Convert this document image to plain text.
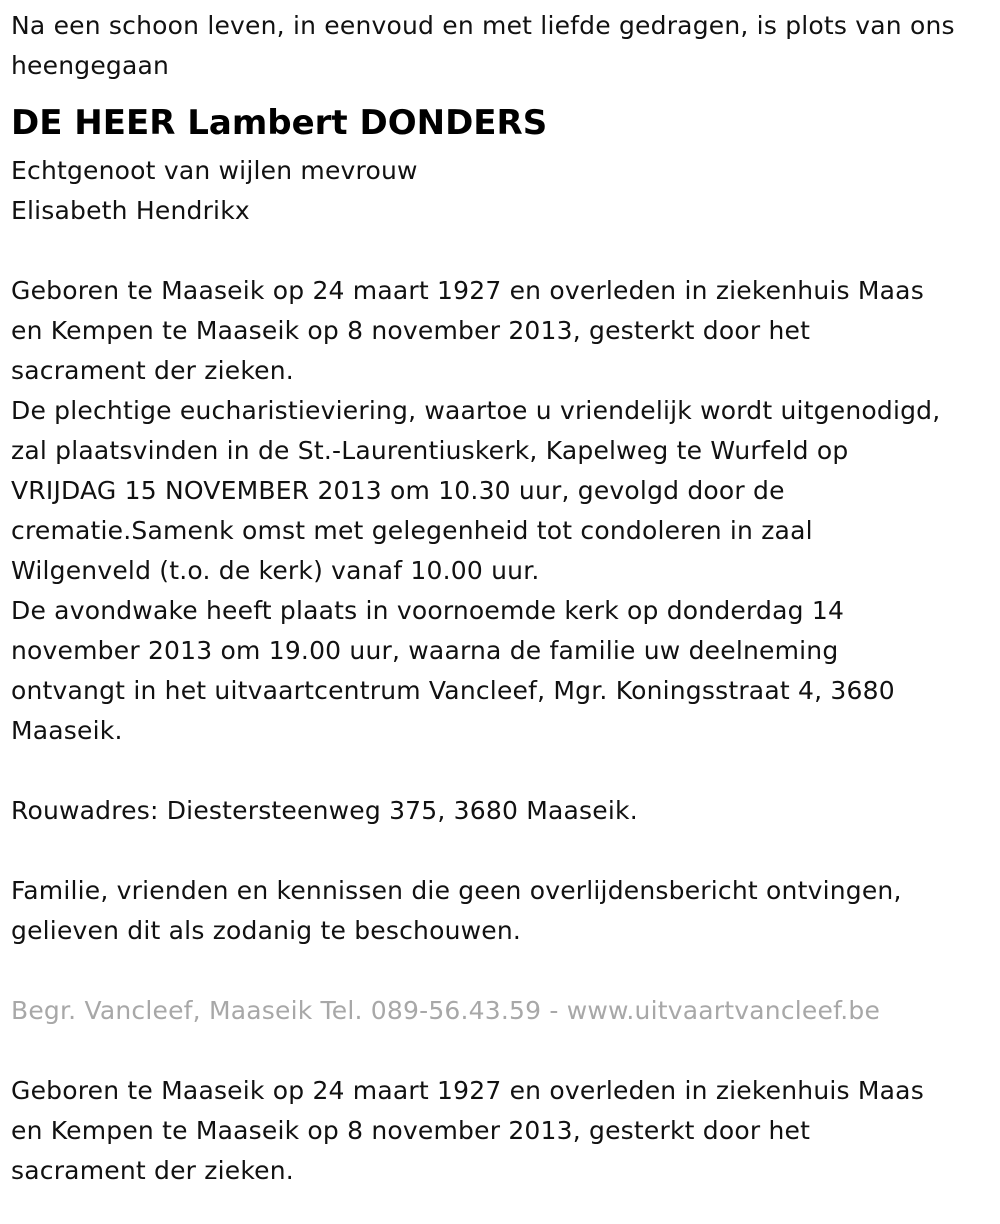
Na een schoon leven, in eenvoud en met liefde gedragen, is plots van ons
heengegaan
DE HEER Lambert DONDERS
Echtgenoot van wijlen mevrouw
Elisabeth Hendrikx
Geboren te Maaseik op 24 maart 1927 en overleden in ziekenhuis Maas
en Kempen te Maaseik op 8 november 2013, gesterkt door het
sacrament der zieken.
De plechtige eucharistieviering, waartoe u vriendelijk wordt uitgenodigd,
zal plaatsvinden in de St.-Laurentiuskerk, Kapelweg te Wurfeld op
VRIJDAG 15 NOVEMBER 2013 om 10.30 uur, gevolgd door de
crematie.Samenk omst met gelegenheid tot condoleren in zaal
Wilgenveld (t.o. de kerk) vanaf 10.00 uur.
De avondwake heeft plaats in voornoemde kerk op donderdag 14
november 2013 om 19.00 uur, waarna de familie uw deelneming
ontvangt in het uitvaartcentrum Vancleef, Mgr. Koningsstraat 4, 3680
Maaseik.
Rouwadres: Diestersteenweg 375, 3680 Maaseik.
Familie, vrienden en kennissen die geen overlijdensbericht ontvingen,
gelieven dit als zodanig te beschouwen.
Begr. Vancleef, Maaseik Tel. 089-56.43.59 - www.uitvaartvancleef.be
Geboren te Maaseik op 24 maart 1927 en overleden in ziekenhuis Maas
en Kempen te Maaseik op 8 november 2013, gesterkt door het
sacrament der zieken.
